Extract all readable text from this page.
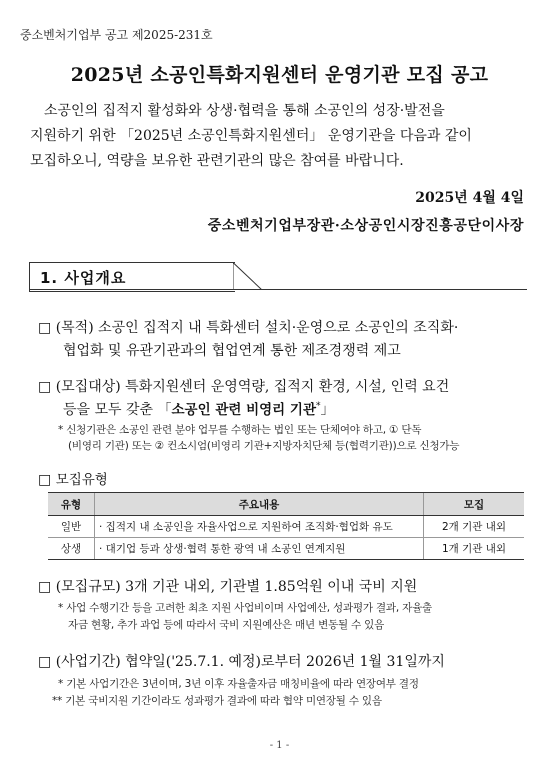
중소벤처기업부 공고 제2025-231호
2025년 소공인특화지원센터 운영기관 모집 공고
소공인의 집적지 활성화와 상생·협력을 통해 소공인의 성장·발전을
지원하기 위한 「2025년 소공인특화지원센터」 운영기관을 다음과 같이
모집하오니, 역량을 보유한 관련기관의 많은 참여를 바랍니다.
2025년 4월 4일
중소벤처기업부장관·소상공인시장진흥공단이사장
1. 사업개요
□ (목적) 소공인 집적지 내 특화센터 설치·운영으로 소공인의 조직화·
협업화 및 유관기관과의 협업연계 통한 제조경쟁력 제고
□ (모집대상) 특화지원센터 운영역량, 집적지 환경, 시설, 인력 요건
등을 모두 갖춘 「소공인 관련 비영리 기관*」
* 신청기관은 소공인 관련 분야 업무를 수행하는 법인 또는 단체여야 하고, ① 단독
(비영리 기관) 또는 ② 컨소시엄(비영리 기관+지방자치단체 등(협력기관))으로 신청가능
□ 모집유형
유형	주요내용	모집
일반	· 집적지 내 소공인을 자율사업으로 지원하여 조직화·협업화 유도	2개 기관 내외
상생	· 대기업 등과 상생·협력 통한 광역 내 소공인 연계지원	1개 기관 내외
□ (모집규모) 3개 기관 내외, 기관별 1.85억원 이내 국비 지원
* 사업 수행기간 등을 고려한 최초 지원 사업비이며 사업예산, 성과평가 결과, 자율출
자금 현황, 추가 과업 등에 따라서 국비 지원예산은 매년 변동될 수 있음
□ (사업기간) 협약일('25.7.1. 예정)로부터 2026년 1월 31일까지
* 기본 사업기간은 3년이며, 3년 이후 자율출자금 매칭비율에 따라 연장여부 결정
** 기본 국비지원 기간이라도 성과평가 결과에 따라 협약 미연장될 수 있음
- 1 -
